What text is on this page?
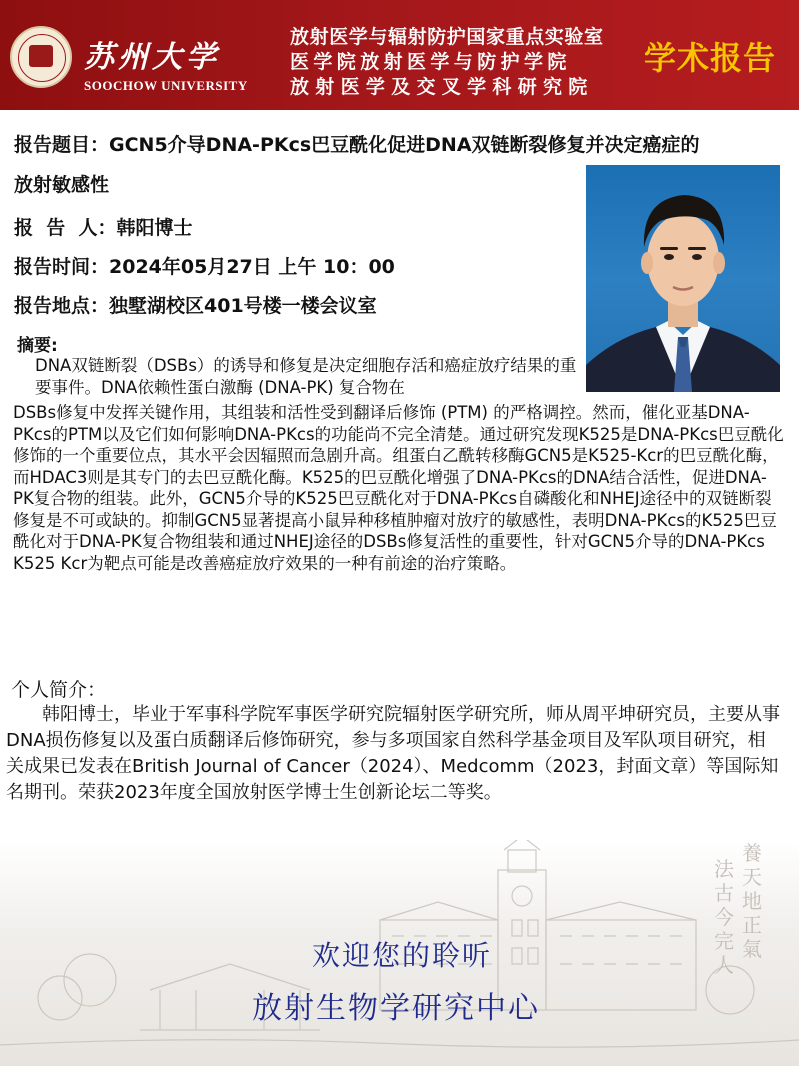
苏州大学
SOOCHOW UNIVERSITY
放射医学与辐射防护国家重点实验室
医学院放射医学与防护学院
放射医学及交叉学科研究院
学术报告
报告题目：GCN5介导DNA-PKcs巴豆酰化促进DNA双链断裂修复并决定癌症的
放射敏感性
报  告  人：韩阳博士
报告时间：2024年05月27日 上午 10：00
报告地点：独墅湖校区401号楼一楼会议室
摘要:
DNA双链断裂（DSBs）的诱导和修复是决定细胞存活和癌症放疗结果的重要事件。DNA依赖性蛋白激酶 (DNA-PK) 复合物在
DSBs修复中发挥关键作用，其组装和活性受到翻译后修饰 (PTM) 的严格调控。然而，催化亚基DNA-PKcs的PTM以及它们如何影响DNA-PKcs的功能尚不完全清楚。通过研究发现K525是DNA-PKcs巴豆酰化修饰的一个重要位点，其水平会因辐照而急剧升高。组蛋白乙酰转移酶GCN5是K525-Kcr的巴豆酰化酶，而HDAC3则是其专门的去巴豆酰化酶。K525的巴豆酰化增强了DNA-PKcs的DNA结合活性，促进DNA-PK复合物的组装。此外，GCN5介导的K525巴豆酰化对于DNA-PKcs自磷酸化和NHEJ途径中的双链断裂修复是不可或缺的。抑制GCN5显著提高小鼠异种移植肿瘤对放疗的敏感性，表明DNA-PKcs的K525巴豆酰化对于DNA-PK复合物组装和通过NHEJ途径的DSBs修复活性的重要性，针对GCN5介导的DNA-PKcs K525 Kcr为靶点可能是改善癌症放疗效果的一种有前途的治疗策略。
个人简介：
韩阳博士，毕业于军事科学院军事医学研究院辐射医学研究所，师从周平坤研究员，主要从事DNA损伤修复以及蛋白质翻译后修饰研究，参与多项国家自然科学基金项目及军队项目研究，相关成果已发表在British Journal of Cancer（2024）、Medcomm（2023，封面文章）等国际知名期刊。荣获2023年度全国放射医学博士生创新论坛二等奖。
養
天
地
正
氣
法
古
今
完
人
欢迎您的聆听
放射生物学研究中心
